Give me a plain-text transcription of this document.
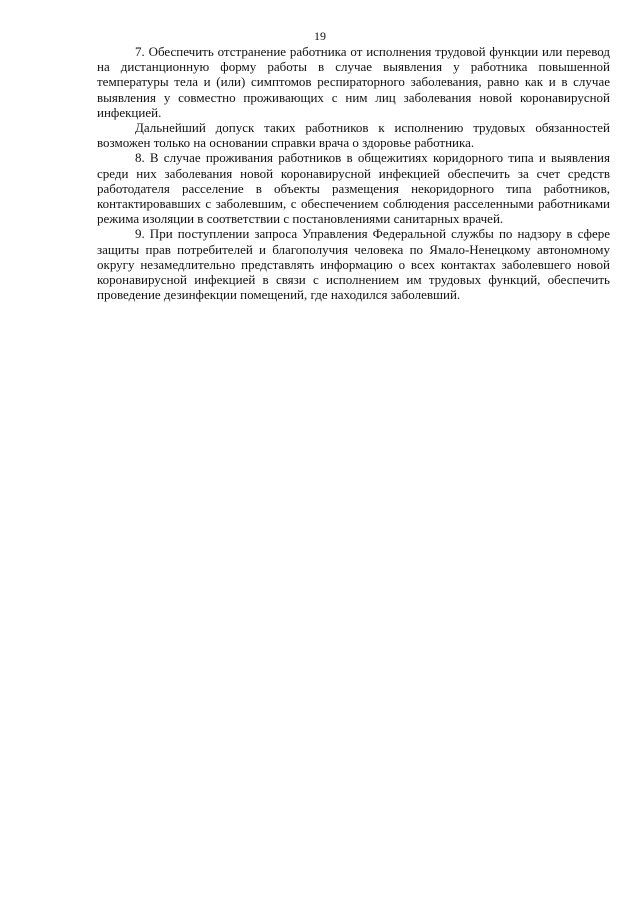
19

7. Обеспечить отстранение работника от исполнения трудовой функции или перевод на дистанционную форму работы в случае выявления у работника повышенной температуры тела и (или) симптомов респираторного заболевания, равно как и в случае выявления у совместно проживающих с ним лиц заболевания новой коронавирусной инфекцией.

Дальнейший допуск таких работников к исполнению трудовых обязанностей возможен только на основании справки врача о здоровье работника.

8. В случае проживания работников в общежитиях коридорного типа и выявления среди них заболевания новой коронавирусной инфекцией обеспечить за счет средств работодателя расселение в объекты размещения некоридорного типа работников, контактировавших с заболевшим, с обеспечением соблюдения расселенными работниками режима изоляции в соответствии с постановлениями санитарных врачей.

9. При поступлении запроса Управления Федеральной службы по надзору в сфере защиты прав потребителей и благополучия человека по Ямало-Ненецкому автономному округу незамедлительно представлять информацию о всех контактах заболевшего новой коронавирусной инфекцией в связи с исполнением им трудовых функций, обеспечить проведение дезинфекции помещений, где находился заболевший.
